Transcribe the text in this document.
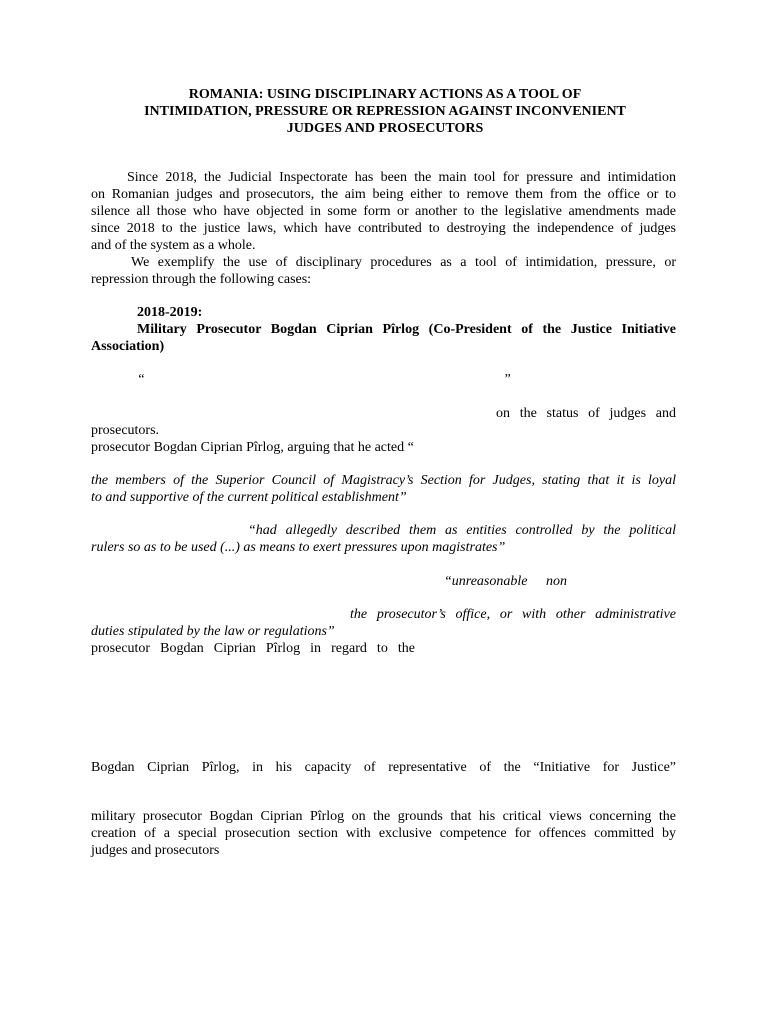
ROMANIA: USING DISCIPLINARY ACTIONS AS A TOOL OF
INTIMIDATION, PRESSURE OR REPRESSION AGAINST INCONVENIENT
JUDGES AND PROSECUTORS
Since 2018, the Judicial Inspectorate has been the main tool for pressure and intimidation
on Romanian judges and prosecutors, the aim being either to remove them from the office or to
silence all those who have objected in some form or another to the legislative amendments made
since 2018 to the justice laws, which have contributed to destroying the independence of judges
and of the system as a whole.
We exemplify the use of disciplinary procedures as a tool of intimidation, pressure, or
repression through the following cases:
2018-2019:
Military Prosecutor Bogdan Ciprian Pîrlog (Co-President of the Justice Initiative
Association)
“	”
on the status of judges and
prosecutors.
prosecutor Bogdan Ciprian Pîrlog, arguing that he acted “
the members of the Superior Council of Magistracy’s Section for Judges, stating that it is loyal
to and supportive of the current political establishment”
“had allegedly described them as entities controlled by the political
rulers so as to be used (...) as means to exert pressures upon magistrates”
“unreasonable non
the prosecutor’s office, or with other administrative
duties stipulated by the law or regulations”
prosecutor Bogdan Ciprian Pîrlog in regard to the
Bogdan Ciprian Pîrlog, in his capacity of representative of the “Initiative for Justice”
military prosecutor Bogdan Ciprian Pîrlog on the grounds that his critical views concerning the
creation of a special prosecution section with exclusive competence for offences committed by
judges and prosecutors
